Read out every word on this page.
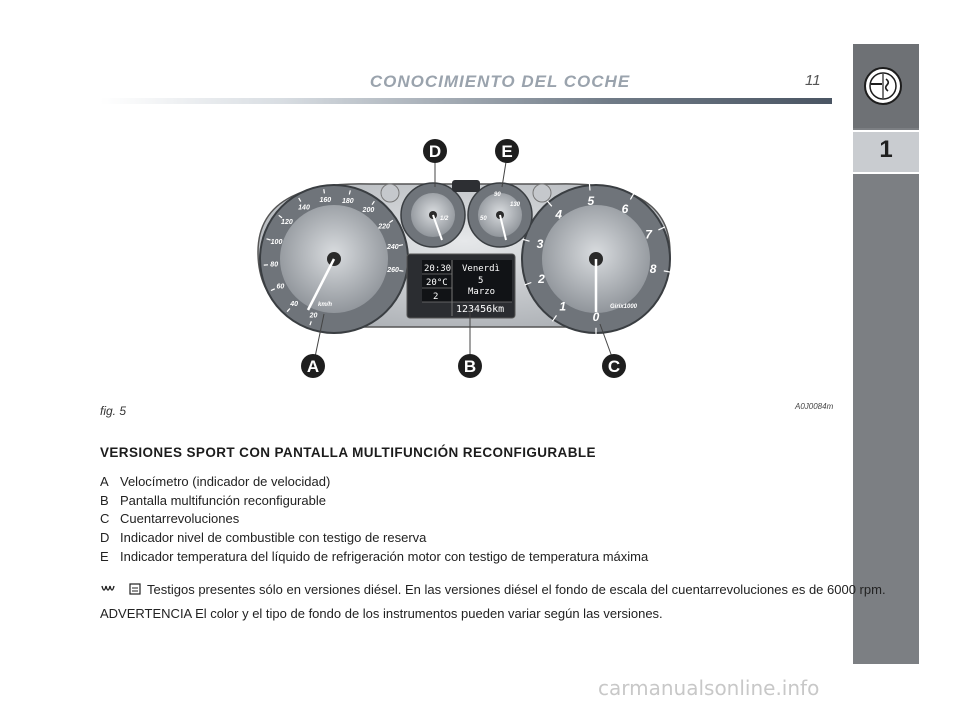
CONOCIMIENTO DEL COCHE	11
1
20
40
60
80
100
120
140
160 180
200
220
240
260
km/h
0
1
2
3
4
5
6
7
8
Girix1000
1/2	50
90
130
20:30
20°C
2
Venerdì
5
Marzo
123456km
A	B	C
D	E
fig. 5	A0J0084m
VERSIONES SPORT CON PANTALLA MULTIFUNCIÓN RECONFIGURABLE
A Velocímetro (indicador de velocidad)
B Pantalla multifunción reconfigurable
C Cuentarrevoluciones
D Indicador nivel de combustible con testigo de reserva
E Indicador temperatura del líquido de refrigeración motor con testigo de temperatura máxima
Testigos presentes sólo en versiones diésel. En las versiones diésel el fondo de escala del cuentarrevoluciones es de 6000 rpm.
ADVERTENCIA El color y el tipo de fondo de los instrumentos pueden variar según las versiones.
carmanualsonline.info
